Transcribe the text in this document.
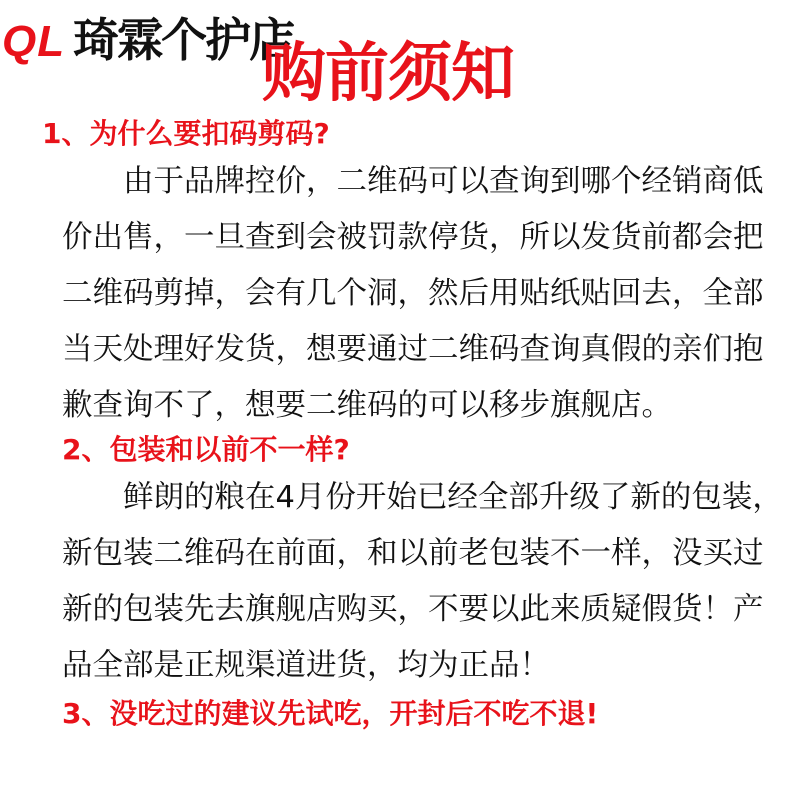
QL 琦霖个护店
购前须知
1、为什么要扣码剪码?

由于品牌控价，二维码可以查询到哪个经销商低价出售，一旦查到会被罚款停货，所以发货前都会把二维码剪掉，会有几个洞，然后用贴纸贴回去，全部当天处理好发货，想要通过二维码查询真假的亲们抱歉查询不了，想要二维码的可以移步旗舰店。

2、包装和以前不一样?

鲜朗的粮在4月份开始已经全部升级了新的包装，新包装二维码在前面，和以前老包装不一样，没买过新的包装先去旗舰店购买，不要以此来质疑假货！产品全部是正规渠道进货，均为正品！

3、没吃过的建议先试吃，开封后不吃不退!
